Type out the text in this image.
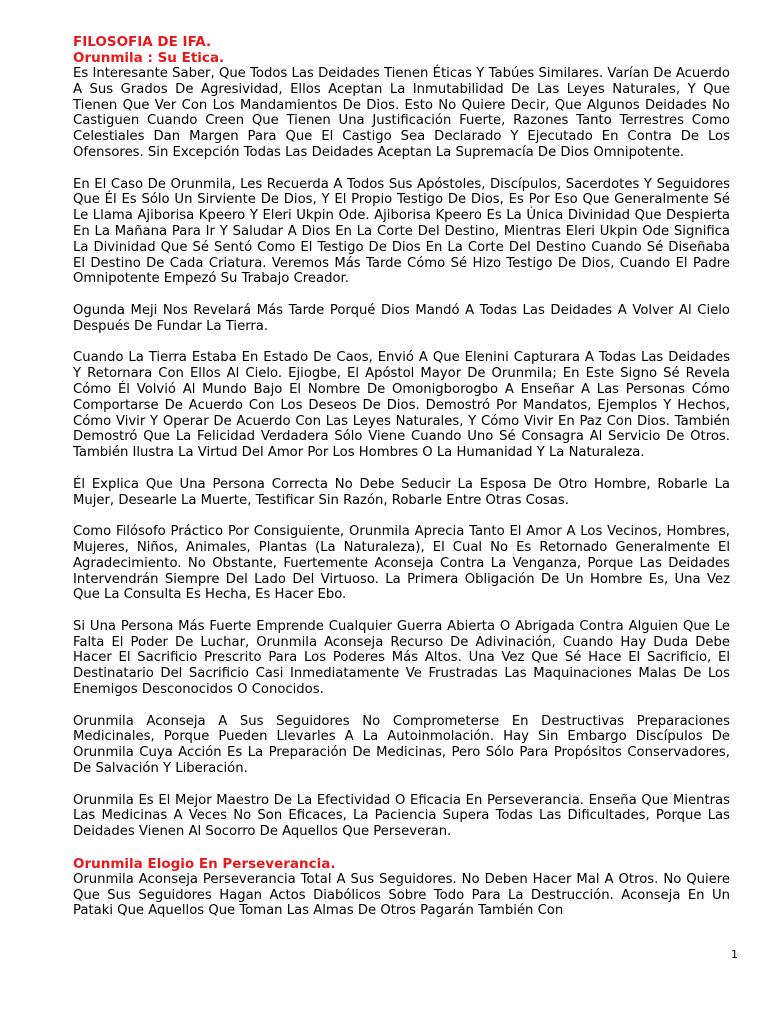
FILOSOFIA DE IFA.
Orunmila : Su Etica.

Es Interesante Saber, Que Todos Las Deidades Tienen Éticas Y Tabúes Similares. Varían De Acuerdo A Sus Grados De Agresividad, Ellos Aceptan La Inmutabilidad De Las Leyes Naturales, Y Que Tienen Que Ver Con Los Mandamientos De Dios. Esto No Quiere Decir, Que Algunos Deidades No Castiguen Cuando Creen Que Tienen Una Justificación Fuerte, Razones Tanto Terrestres Como Celestiales Dan Margen Para Que El Castigo Sea Declarado Y Ejecutado En Contra De Los Ofensores. Sin Excepción Todas Las Deidades Aceptan La Supremacía De Dios Omnipotente.

En El Caso De Orunmila, Les Recuerda A Todos Sus Apóstoles, Discípulos, Sacerdotes Y Seguidores Que Él Es Sólo Un Sirviente De Dios, Y El Propio Testigo De Dios, Es Por Eso Que Generalmente Sé Le Llama Ajiborisa Kpeero Y Eleri Ukpin Ode. Ajiborisa Kpeero Es La Única Divinidad Que Despierta En La Mañana Para Ir Y Saludar A Dios En La Corte Del Destino, Mientras Eleri Ukpin Ode Significa La Divinidad Que Sé Sentó Como El Testigo De Dios En La Corte Del Destino Cuando Sé Diseñaba El Destino De Cada Criatura. Veremos Más Tarde Cómo Sé Hizo Testigo De Dios, Cuando El Padre Omnipotente Empezó Su Trabajo Creador.

Ogunda Meji Nos Revelará Más Tarde Porqué Dios Mandó A Todas Las Deidades A Volver Al Cielo Después De Fundar La Tierra.

Cuando La Tierra Estaba En Estado De Caos, Envió A Que Elenini Capturara A Todas Las Deidades Y Retornara Con Ellos Al Cielo. Ejiogbe, El Apóstol Mayor De Orunmila; En Este Signo Sé Revela Cómo Él Volvió Al Mundo Bajo El Nombre De Omonigborogbo A Enseñar A Las Personas Cómo Comportarse De Acuerdo Con Los Deseos De Dios. Demostró Por Mandatos, Ejemplos Y Hechos, Cómo Vivir Y Operar De Acuerdo Con Las Leyes Naturales, Y Cómo Vivir En Paz Con Dios. También Demostró Que La Felicidad Verdadera Sólo Viene Cuando Uno Sé Consagra Al Servicio De Otros. También Ilustra La Virtud Del Amor Por Los Hombres O La Humanidad Y La Naturaleza.

Él Explica Que Una Persona Correcta No Debe Seducir La Esposa De Otro Hombre, Robarle La Mujer, Desearle La Muerte, Testificar Sin Razón, Robarle Entre Otras Cosas.

Como Filósofo Práctico Por Consiguiente, Orunmila Aprecia Tanto El Amor A Los Vecinos, Hombres, Mujeres, Niños, Animales, Plantas (La Naturaleza), El Cual No Es Retornado Generalmente El Agradecimiento. No Obstante, Fuertemente Aconseja Contra La Venganza, Porque Las Deidades Intervendrán Siempre Del Lado Del Virtuoso. La Primera Obligación De Un Hombre Es, Una Vez Que La Consulta Es Hecha, Es Hacer Ebo.

Si Una Persona Más Fuerte Emprende Cualquier Guerra Abierta O Abrigada Contra Alguien Que Le Falta El Poder De Luchar, Orunmila Aconseja Recurso De Adivinación, Cuando Hay Duda Debe Hacer El Sacrificio Prescrito Para Los Poderes Más Altos. Una Vez Que Sé Hace El Sacrificio, El Destinatario Del Sacrificio Casi Inmediatamente Ve Frustradas Las Maquinaciones Malas De Los Enemigos Desconocidos O Conocidos.

Orunmila Aconseja A Sus Seguidores No Comprometerse En Destructivas Preparaciones Medicinales, Porque Pueden Llevarles A La Autoinmolación. Hay Sin Embargo Discípulos De Orunmila Cuya Acción Es La Preparación De Medicinas, Pero Sólo Para Propósitos Conservadores, De Salvación Y Liberación.

Orunmila Es El Mejor Maestro De La Efectividad O Eficacia En Perseverancia. Enseña Que Mientras Las Medicinas A Veces No Son Eficaces, La Paciencia Supera Todas Las Dificultades, Porque Las Deidades Vienen Al Socorro De Aquellos Que Perseveran.

Orunmila Elogio En Perseverancia.

Orunmila Aconseja Perseverancia Total A Sus Seguidores. No Deben Hacer Mal A Otros. No Quiere Que Sus Seguidores Hagan Actos Diabólicos Sobre Todo Para La Destrucción. Aconseja En Un Pataki Que Aquellos Que Toman Las Almas De Otros Pagarán También Con

1
